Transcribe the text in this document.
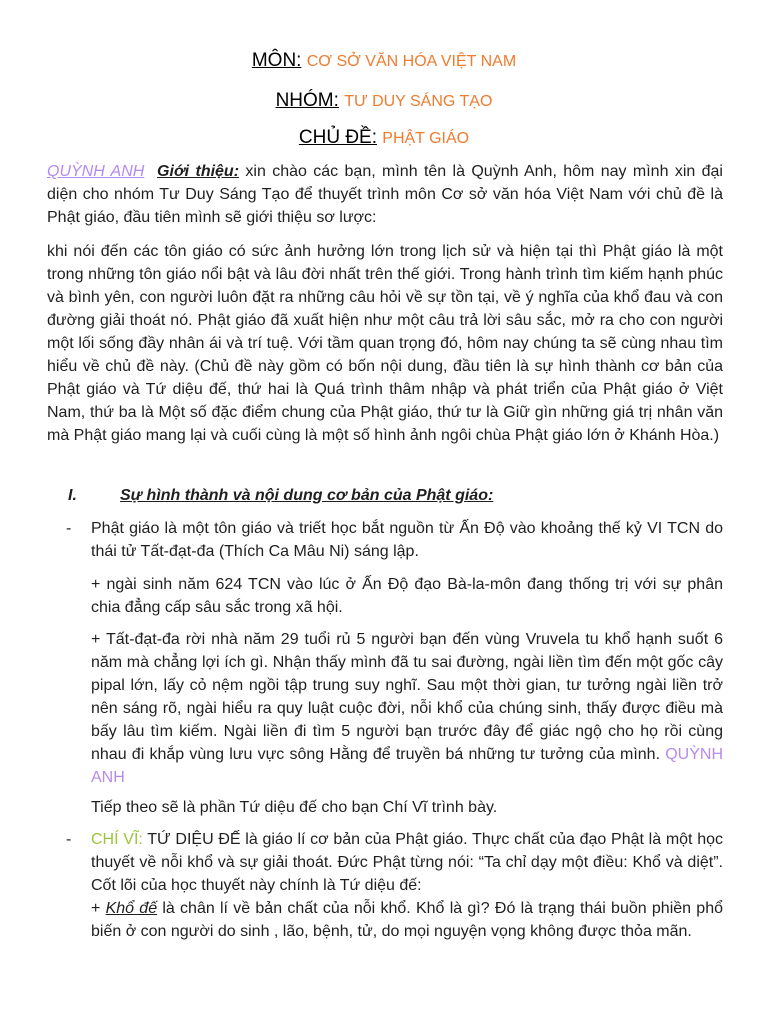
MÔN: CƠ SỞ VĂN HÓA VIỆT NAM
NHÓM: TƯ DUY SÁNG TẠO
CHỦ ĐỀ: PHẬT GIÁO
QUỲNH ANH Giới thiệu: xin chào các bạn, mình tên là Quỳnh Anh, hôm nay mình xin đại diện cho nhóm Tư Duy Sáng Tạo để thuyết trình môn Cơ sở văn hóa Việt Nam với chủ đề là Phật giáo, đầu tiên mình sẽ giới thiệu sơ lược:
khi nói đến các tôn giáo có sức ảnh hưởng lớn trong lịch sử và hiện tại thì Phật giáo là một trong những tôn giáo nổi bật và lâu đời nhất trên thế giới. Trong hành trình tìm kiếm hạnh phúc và bình yên, con người luôn đặt ra những câu hỏi về sự tồn tại, về ý nghĩa của khổ đau và con đường giải thoát nó. Phật giáo đã xuất hiện như một câu trả lời sâu sắc, mở ra cho con người một lối sống đầy nhân ái và trí tuệ. Với tầm quan trọng đó, hôm nay chúng ta sẽ cùng nhau tìm hiểu về chủ đề này. (Chủ đề này gồm có bốn nội dung, đầu tiên là sự hình thành cơ bản của Phật giáo và Tứ diệu đế, thứ hai là Quá trình thâm nhập và phát triển của Phật giáo ở Việt Nam, thứ ba là Một số đặc điểm chung của Phật giáo, thứ tư là Giữ gìn những giá trị nhân văn mà Phật giáo mang lại và cuối cùng là một số hình ảnh ngôi chùa Phật giáo lớn ở Khánh Hòa.)
I.	Sự hình thành và nội dung cơ bản của Phật giáo:
- Phật giáo là một tôn giáo và triết học bắt nguồn từ Ấn Độ vào khoảng thế kỷ VI TCN do thái tử Tất-đạt-đa (Thích Ca Mâu Ni) sáng lập.
+ ngài sinh năm 624 TCN vào lúc ở Ấn Độ đạo Bà-la-môn đang thống trị với sự phân chia đẳng cấp sâu sắc trong xã hội.
+ Tất-đạt-đa rời nhà năm 29 tuổi rủ 5 người bạn đến vùng Vruvela tu khổ hạnh suốt 6 năm mà chẳng lợi ích gì. Nhận thấy mình đã tu sai đường, ngài liền tìm đến một gốc cây pipal lớn, lấy cỏ nệm ngồi tập trung suy nghĩ. Sau một thời gian, tư tưởng ngài liền trở nên sáng rõ, ngài hiểu ra quy luật cuộc đời, nỗi khổ của chúng sinh, thấy được điều mà bấy lâu tìm kiếm. Ngài liền đi tìm 5 người bạn trước đây để giác ngộ cho họ rồi cùng nhau đi khắp vùng lưu vực sông Hằng để truyền bá những tư tưởng của mình. QUỲNH ANH
Tiếp theo sẽ là phần Tứ diệu đế cho bạn Chí Vĩ trình bày.
- CHÍ VĨ: TỨ DIỆU ĐẾ là giáo lí cơ bản của Phật giáo. Thực chất của đạo Phật là một học thuyết về nỗi khổ và sự giải thoát. Đức Phật từng nói: “Ta chỉ dạy một điều: Khổ và diệt”. Cốt lõi của học thuyết này chính là Tứ diệu đế:
+ Khổ đế là chân lí về bản chất của nỗi khổ. Khổ là gì? Đó là trạng thái buồn phiền phổ biến ở con người do sinh , lão, bệnh, tử, do mọi nguyện vọng không được thỏa mãn.
